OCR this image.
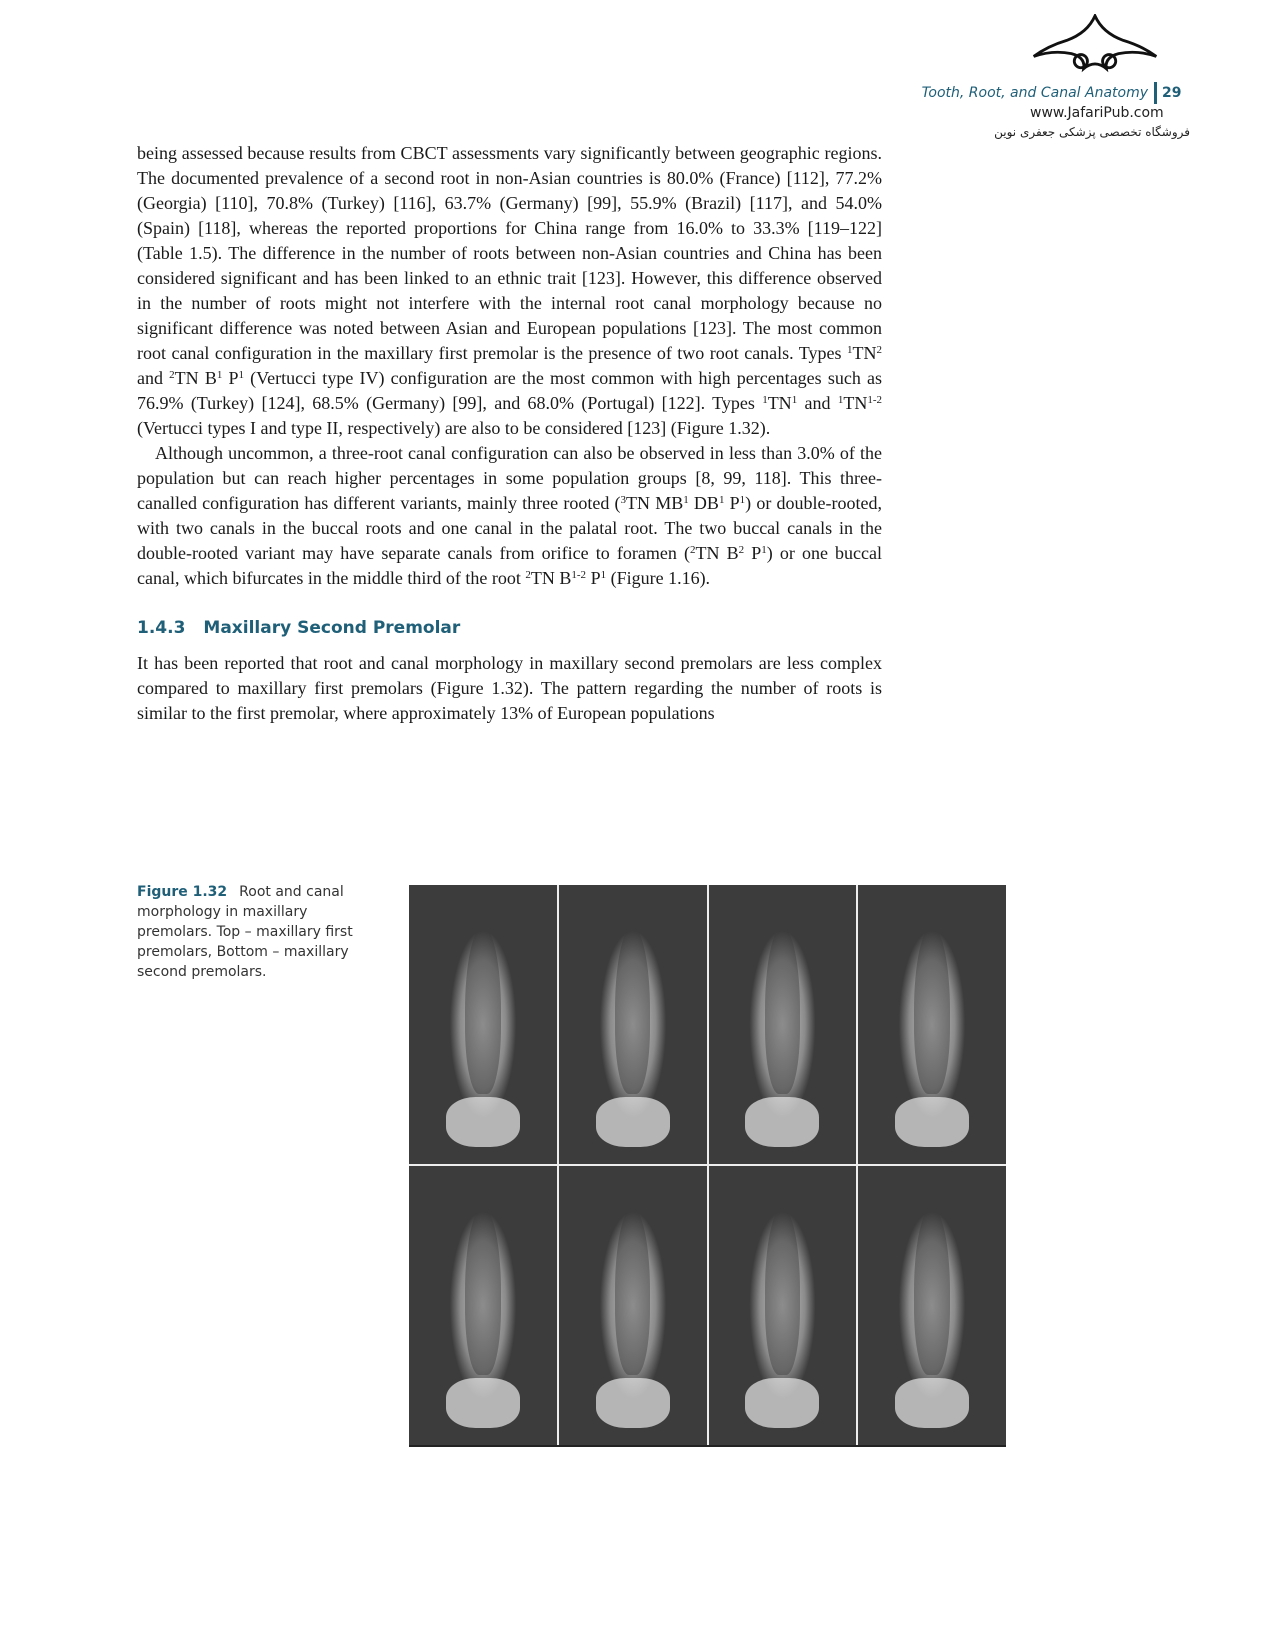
Tooth, Root, and Canal Anatomy 29
www.JafariPub.com
فروشگاه تخصصی پزشکی جعفری نوین

being assessed because results from CBCT assessments vary significantly between geographic regions. The documented prevalence of a second root in non-Asian countries is 80.0% (France) [112], 77.2% (Georgia) [110], 70.8% (Turkey) [116], 63.7% (Germany) [99], 55.9% (Brazil) [117], and 54.0% (Spain) [118], whereas the reported proportions for China range from 16.0% to 33.3% [119–122] (Table 1.5). The difference in the number of roots between non-Asian countries and China has been considered significant and has been linked to an ethnic trait [123]. However, this difference observed in the number of roots might not interfere with the internal root canal morphology because no significant difference was noted between Asian and European populations [123]. The most common root canal configuration in the maxillary first premolar is the presence of two root canals. Types $^1TN^2$ and $^2$TN $B^1$ $P^1$ (Vertucci type IV) configuration are the most common with high percentages such as 76.9% (Turkey) [124], 68.5% (Germany) [99], and 68.0% (Portugal) [122]. Types $^1TN^1$ and $^1$TN$^{1-2}$ (Vertucci types I and type II, respectively) are also to be considered [123] (Figure 1.32).

Although uncommon, a three-root canal configuration can also be observed in less than 3.0% of the population but can reach higher percentages in some population groups [8, 99, 118]. This three-canalled configuration has different variants, mainly three rooted ($^3$TN $MB^1$ $DB^1$ $P^1$) or double-rooted, with two canals in the buccal roots and one canal in the palatal root. The two buccal canals in the double-rooted variant may have separate canals from orifice to foramen ($^2$TN $B^2$ $P^1$) or one buccal canal, which bifurcates in the middle third of the root $^2$TN $B^{1-2}$ $P^1$ (Figure 1.16).

1.4.3 Maxillary Second Premolar

It has been reported that root and canal morphology in maxillary second premolars are less complex compared to maxillary first premolars (Figure 1.32). The pattern regarding the number of roots is similar to the first premolar, where approximately 13% of European populations

Figure 1.32 Root and canal morphology in maxillary premolars. Top – maxillary first premolars, Bottom – maxillary second premolars.
